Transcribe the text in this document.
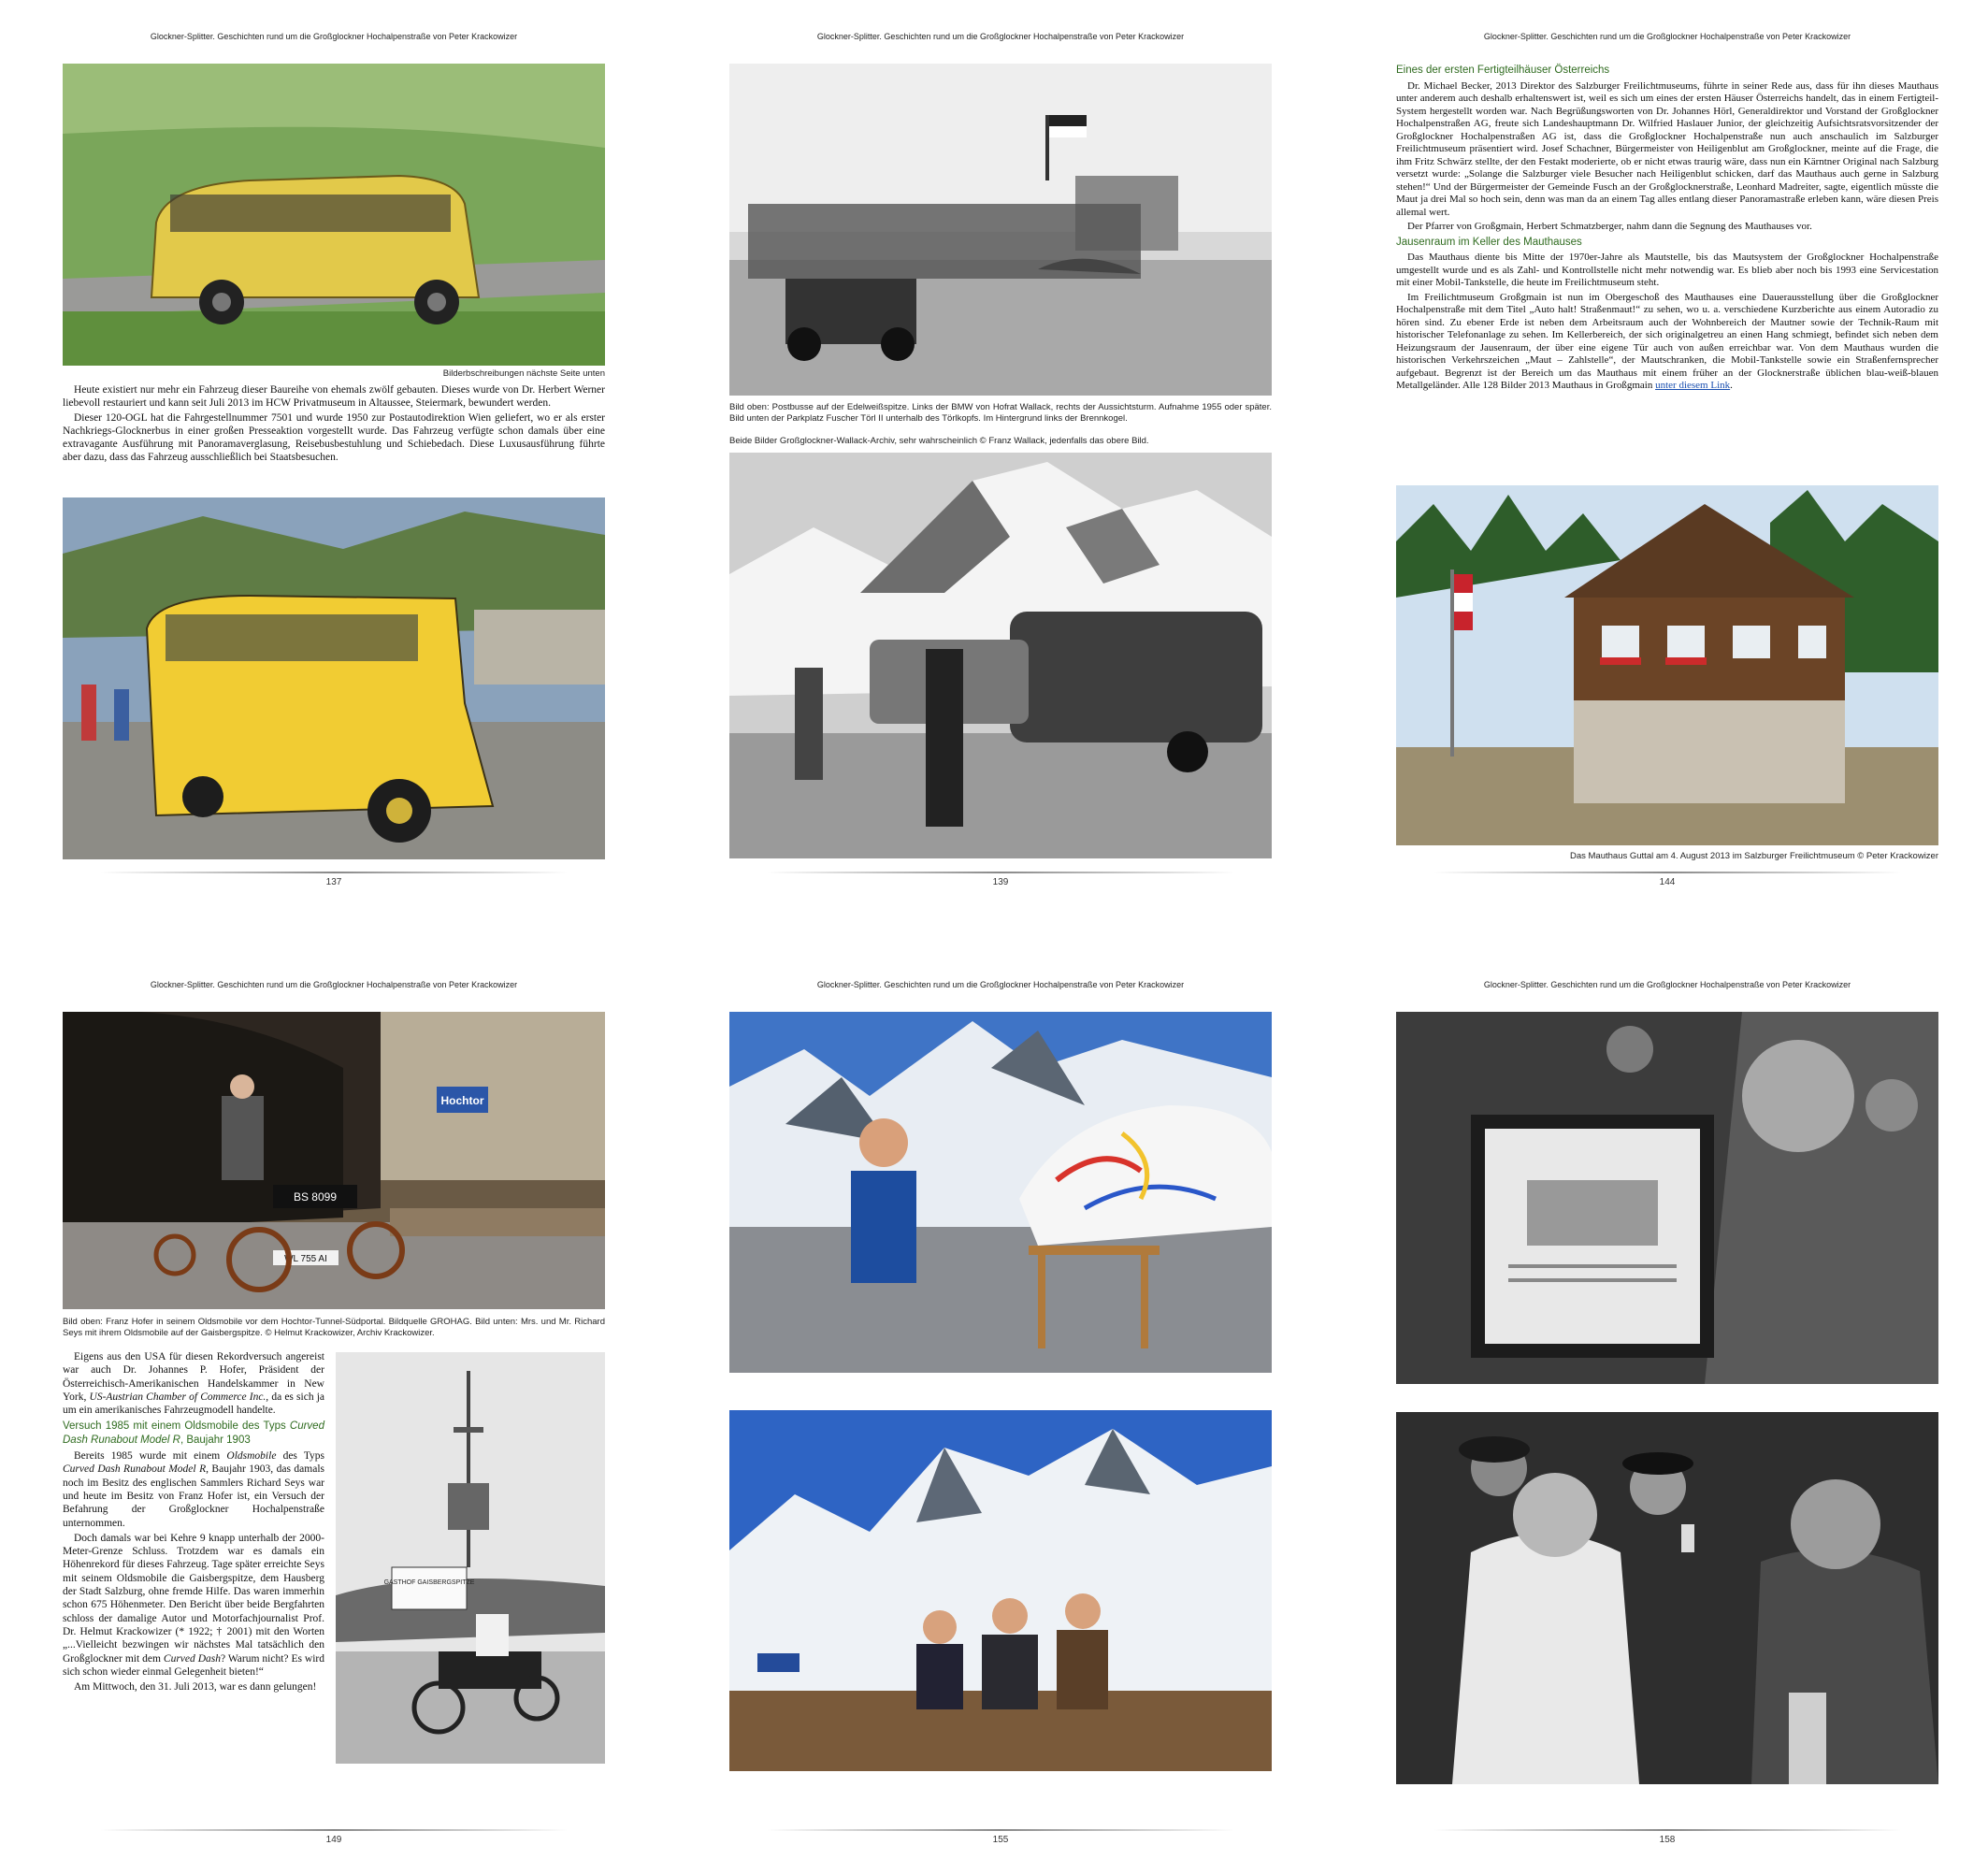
Glockner-Splitter. Geschichten rund um die Großglockner Hochalpenstraße von Peter Krackowizer
Bilderbschreibungen nächste Seite unten

Heute existiert nur mehr ein Fahrzeug dieser Baureihe von ehemals zwölf gebauten. Dieses wurde von Dr. Herbert Werner liebevoll restauriert und kann seit Juli 2013 im HCW Privatmuseum in Altaussee, Steiermark, bewundert werden.

Dieser 120-OGL hat die Fahrgestellnummer 7501 und wurde 1950 zur Postautodirektion Wien geliefert, wo er als erster Nachkriegs-Glocknerbus in einer großen Presseaktion vorgestellt wurde. Das Fahrzeug verfügte schon damals über eine extravagante Ausführung mit Panoramaverglasung, Reisebusbestuhlung und Schiebedach. Diese Luxusausführung führte aber dazu, dass das Fahrzeug ausschließlich bei Staatsbesuchen.

137
Glockner-Splitter. Geschichten rund um die Großglockner Hochalpenstraße von Peter Krackowizer
Bild oben: Postbusse auf der Edelweißspitze. Links der BMW von Hofrat Wallack, rechts der Aussichtsturm. Aufnahme 1955 oder später. Bild unten der Parkplatz Fuscher Törl II unterhalb des Törlkopfs. Im Hintergrund links der Brennkogel.
Beide Bilder Großglockner-Wallack-Archiv, sehr wahrscheinlich © Franz Wallack, jedenfalls das obere Bild.
139
Glockner-Splitter. Geschichten rund um die Großglockner Hochalpenstraße von Peter Krackowizer
Eines der ersten Fertigteilhäuser Österreichs

Dr. Michael Becker, 2013 Direktor des Salzburger Freilichtmuseums, führte in seiner Rede aus, dass für ihn dieses Mauthaus unter anderem auch deshalb erhaltenswert ist, weil es sich um eines der ersten Häuser Österreichs handelt, das in einem Fertigteil-System hergestellt worden war. Nach Begrüßungsworten von Dr. Johannes Hörl, Generaldirektor und Vorstand der Großglockner Hochalpenstraßen AG, freute sich Landeshauptmann Dr. Wilfried Haslauer Junior, der gleichzeitig Aufsichtsratsvorsitzender der Großglockner Hochalpenstraßen AG ist, dass die Großglockner Hochalpenstraße nun auch anschaulich im Salzburger Freilichtmuseum präsentiert wird. Josef Schachner, Bürgermeister von Heiligenblut am Großglockner, meinte auf die Frage, die ihm Fritz Schwärz stellte, der den Festakt moderierte, ob er nicht etwas traurig wäre, dass nun ein Kärntner Original nach Salzburg versetzt wurde: „Solange die Salzburger viele Besucher nach Heiligenblut schicken, darf das Mauthaus auch gerne in Salzburg stehen!“ Und der Bürgermeister der Gemeinde Fusch an der Großglocknerstraße, Leonhard Madreiter, sagte, eigentlich müsste die Maut ja drei Mal so hoch sein, denn was man da an einem Tag alles entlang dieser Panoramastraße erleben kann, wäre diesen Preis allemal wert.

Der Pfarrer von Großgmain, Herbert Schmatzberger, nahm dann die Segnung des Mauthauses vor.

Jausenraum im Keller des Mauthauses

Das Mauthaus diente bis Mitte der 1970er-Jahre als Mautstelle, bis das Mautsystem der Großglockner Hochalpenstraße umgestellt wurde und es als Zahl- und Kontrollstelle nicht mehr notwendig war. Es blieb aber noch bis 1993 eine Servicestation mit einer Mobil-Tankstelle, die heute im Freilichtmuseum steht.

Im Freilichtmuseum Großgmain ist nun im Obergeschoß des Mauthauses eine Dauerausstellung über die Großglockner Hochalpenstraße mit dem Titel „Auto halt! Straßenmaut!“ zu sehen, wo u. a. verschiedene Kurzberichte aus einem Autoradio zu hören sind. Zu ebener Erde ist neben dem Arbeitsraum auch der Wohnbereich der Mautner sowie der Technik-Raum mit historischer Telefonanlage zu sehen. Im Kellerbereich, der sich originalgetreu an einen Hang schmiegt, befindet sich neben dem Heizungsraum der Jausenraum, der über eine eigene Tür auch von außen erreichbar war. Von dem Mauthaus wurden die historischen Verkehrszeichen „Maut – Zahlstelle“, der Mautschranken, die Mobil-Tankstelle sowie ein Straßenfernsprecher aufgebaut. Begrenzt ist der Bereich um das Mauthaus mit einem früher an der Glocknerstraße üblichen blau-weiß-blauen Metallgeländer. Alle 128 Bilder 2013 Mauthaus in Großgmain unter diesem Link.

Das Mauthaus Guttal am 4. August 2013 im Salzburger Freilichtmuseum © Peter Krackowizer
144
Glockner-Splitter. Geschichten rund um die Großglockner Hochalpenstraße von Peter Krackowizer
Hochtor
BS 8099
WL 755 AI
Bild oben: Franz Hofer in seinem Oldsmobile vor dem Hochtor-Tunnel-Südportal. Bildquelle GROHAG. Bild unten: Mrs. und Mr. Richard Seys mit ihrem Oldsmobile auf der Gaisbergspitze. © Helmut Krackowizer, Archiv Krackowizer.

Eigens aus den USA für diesen Rekordversuch angereist war auch Dr. Johannes P. Hofer, Präsident der Österreichisch-Amerikanischen Handelskammer in New York, US-Austrian Chamber of Commerce Inc., da es sich ja um ein amerikanisches Fahrzeugmodell handelte.

Versuch 1985 mit einem Oldsmobile des Typs Curved Dash Runabout Model R, Baujahr 1903

Bereits 1985 wurde mit einem Oldsmobile des Typs Curved Dash Runabout Model R, Baujahr 1903, das damals noch im Besitz des englischen Sammlers Richard Seys war und heute im Besitz von Franz Hofer ist, ein Versuch der Befahrung der Großglockner Hochalpenstraße unternommen.

Doch damals war bei Kehre 9 knapp unterhalb der 2000-Meter-Grenze Schluss. Trotzdem war es damals ein Höhenrekord für dieses Fahrzeug. Tage später erreichte Seys mit seinem Oldsmobile die Gaisbergspitze, dem Hausberg der Stadt Salzburg, ohne fremde Hilfe. Das waren immerhin schon 675 Höhenmeter. Den Bericht über beide Bergfahrten schloss der damalige Autor und Motorfachjournalist Prof. Dr. Helmut Krackowizer (* 1922; † 2001) mit den Worten „...Vielleicht bezwingen wir nächstes Mal tatsächlich den Großglockner mit dem Curved Dash? Warum nicht? Es wird sich schon wieder einmal Gelegenheit bieten!“

Am Mittwoch, den 31. Juli 2013, war es dann gelungen!

GASTHOF GAISBERGSPITZE
149
Glockner-Splitter. Geschichten rund um die Großglockner Hochalpenstraße von Peter Krackowizer
155
Glockner-Splitter. Geschichten rund um die Großglockner Hochalpenstraße von Peter Krackowizer
158
